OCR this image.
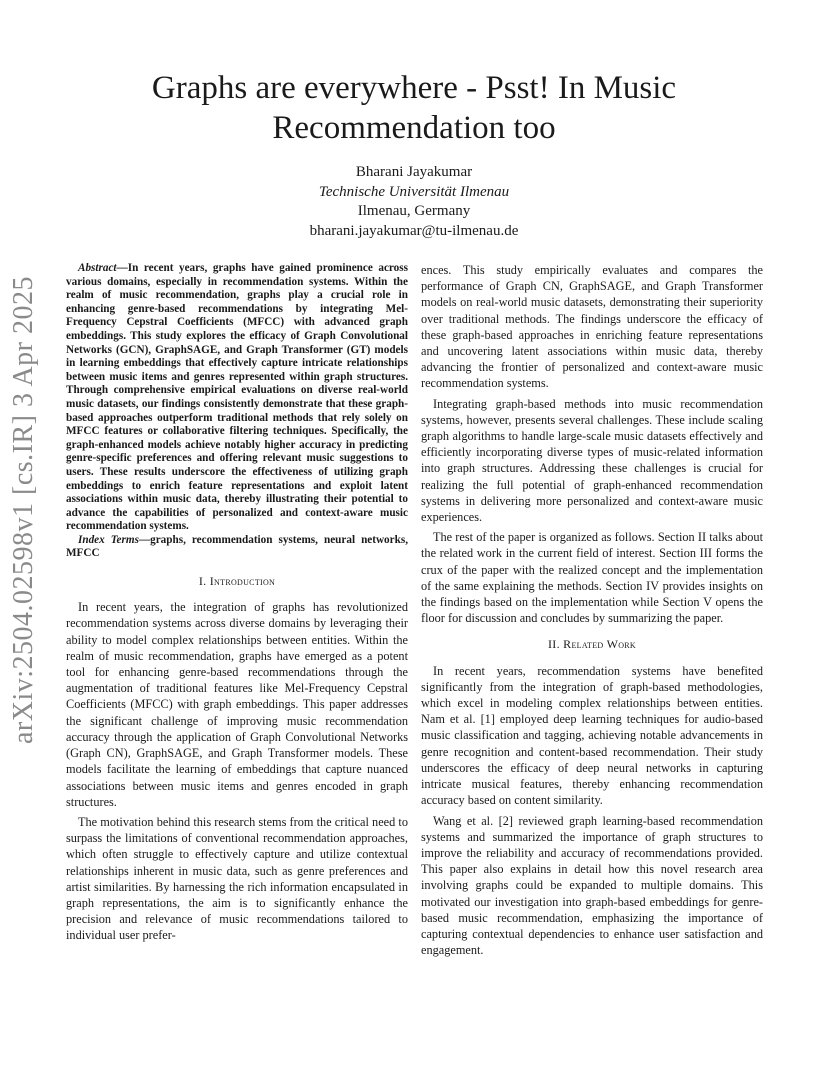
arXiv:2504.02598v1 [cs.IR] 3 Apr 2025
Graphs are everywhere - Psst! In Music Recommendation too
Bharani Jayakumar
Technische Universität Ilmenau
Ilmenau, Germany
bharani.jayakumar@tu-ilmenau.de

Abstract—In recent years, graphs have gained prominence across various domains, especially in recommendation systems. Within the realm of music recommendation, graphs play a crucial role in enhancing genre-based recommendations by integrating Mel-Frequency Cepstral Coefficients (MFCC) with advanced graph embeddings. This study explores the efficacy of Graph Convolutional Networks (GCN), GraphSAGE, and Graph Transformer (GT) models in learning embeddings that effectively capture intricate relationships between music items and genres represented within graph structures. Through comprehensive empirical evaluations on diverse real-world music datasets, our findings consistently demonstrate that these graph-based approaches outperform traditional methods that rely solely on MFCC features or collaborative filtering techniques. Specifically, the graph-enhanced models achieve notably higher accuracy in predicting genre-specific preferences and offering relevant music suggestions to users. These results underscore the effectiveness of utilizing graph embeddings to enrich feature representations and exploit latent associations within music data, thereby illustrating their potential to advance the capabilities of personalized and context-aware music recommendation systems.

Index Terms—graphs, recommendation systems, neural networks, MFCC

I. Introduction

In recent years, the integration of graphs has revolutionized recommendation systems across diverse domains by leveraging their ability to model complex relationships between entities. Within the realm of music recommendation, graphs have emerged as a potent tool for enhancing genre-based recommendations through the augmentation of traditional features like Mel-Frequency Cepstral Coefficients (MFCC) with graph embeddings. This paper addresses the significant challenge of improving music recommendation accuracy through the application of Graph Convolutional Networks (Graph CN), GraphSAGE, and Graph Transformer models. These models facilitate the learning of embeddings that capture nuanced associations between music items and genres encoded in graph structures.

The motivation behind this research stems from the critical need to surpass the limitations of conventional recommendation approaches, which often struggle to effectively capture and utilize contextual relationships inherent in music data, such as genre preferences and artist similarities. By harnessing the rich information encapsulated in graph representations, the aim is to significantly enhance the precision and relevance of music recommendations tailored to individual user prefer-

ences. This study empirically evaluates and compares the performance of Graph CN, GraphSAGE, and Graph Transformer models on real-world music datasets, demonstrating their superiority over traditional methods. The findings underscore the efficacy of these graph-based approaches in enriching feature representations and uncovering latent associations within music data, thereby advancing the frontier of personalized and context-aware music recommendation systems.

Integrating graph-based methods into music recommendation systems, however, presents several challenges. These include scaling graph algorithms to handle large-scale music datasets effectively and efficiently incorporating diverse types of music-related information into graph structures. Addressing these challenges is crucial for realizing the full potential of graph-enhanced recommendation systems in delivering more personalized and context-aware music experiences.

The rest of the paper is organized as follows. Section II talks about the related work in the current field of interest. Section III forms the crux of the paper with the realized concept and the implementation of the same explaining the methods. Section IV provides insights on the findings based on the implementation while Section V opens the floor for discussion and concludes by summarizing the paper.

II. Related Work

In recent years, recommendation systems have benefited significantly from the integration of graph-based methodologies, which excel in modeling complex relationships between entities. Nam et al. [1] employed deep learning techniques for audio-based music classification and tagging, achieving notable advancements in genre recognition and content-based recommendation. Their study underscores the efficacy of deep neural networks in capturing intricate musical features, thereby enhancing recommendation accuracy based on content similarity.

Wang et al. [2] reviewed graph learning-based recommendation systems and summarized the importance of graph structures to improve the reliability and accuracy of recommendations provided. This paper also explains in detail how this novel research area involving graphs could be expanded to multiple domains. This motivated our investigation into graph-based embeddings for genre-based music recommendation, emphasizing the importance of capturing contextual dependencies to enhance user satisfaction and engagement.
